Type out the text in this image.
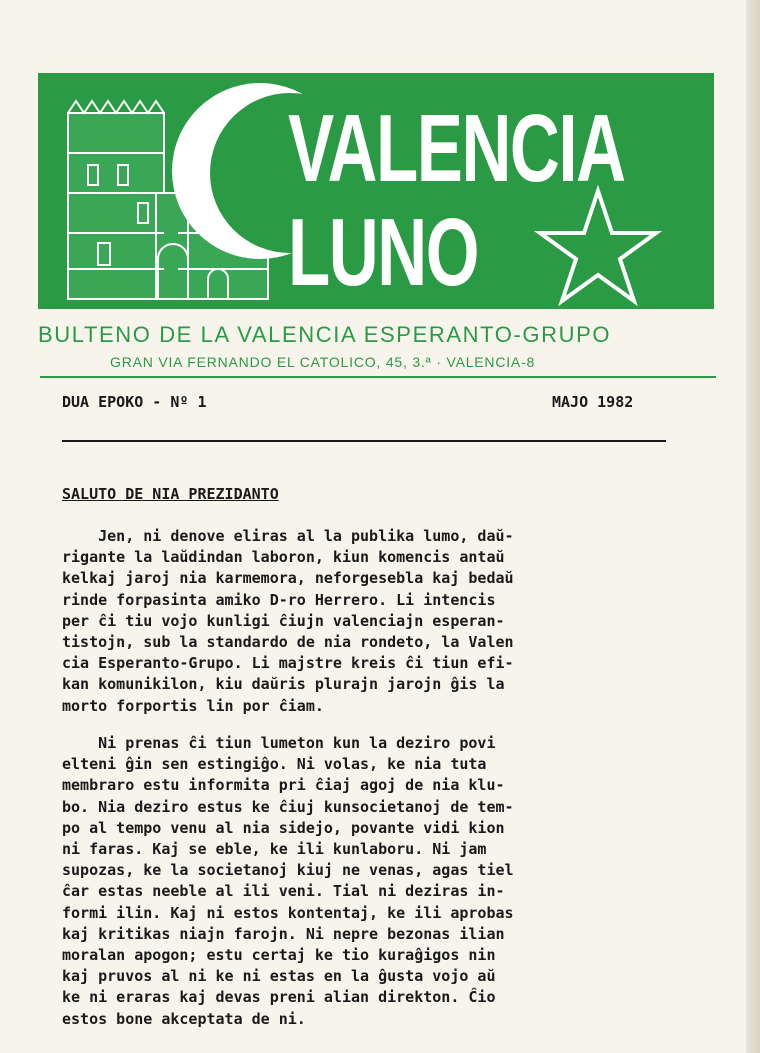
VALENCIA
LUNO
BULTENO DE LA VALENCIA ESPERANTO-GRUPO
GRAN VIA FERNANDO EL CATOLICO, 45, 3.ª · VALENCIA-8
DUA EPOKO - Nº 1	MAJO 1982
SALUTO DE NIA PREZIDANTO
Jen, ni denove eliras al la publika lumo, daŭ-
rigante la laŭdindan laboron, kiun komencis antaŭ
kelkaj jaroj nia karmemora, neforgesebla kaj bedaŭ
rinde forpasinta amiko D-ro Herrero. Li intencis
per ĉi tiu vojo kunligi ĉiujn valenciajn esperan-
tistojn, sub la standardo de nia rondeto, la Valen
cia Esperanto-Grupo. Li majstre kreis ĉi tiun efi-
kan komunikilon, kiu daŭris plurajn jarojn ĝis la
morto forportis lin por ĉiam.
Ni prenas ĉi tiun lumeton kun la deziro povi
elteni ĝin sen estingiĝo. Ni volas, ke nia tuta
membraro estu informita pri ĉiaj agoj de nia klu-
bo. Nia deziro estus ke ĉiuj kunsocietanoj de tem-
po al tempo venu al nia sidejo, povante vidi kion
ni faras. Kaj se eble, ke ili kunlaboru. Ni jam
supozas, ke la societanoj kiuj ne venas, agas tiel
ĉar estas neeble al ili veni. Tial ni deziras in-
formi ilin. Kaj ni estos kontentaj, ke ili aprobas
kaj kritikas niajn farojn. Ni nepre bezonas ilian
moralan apogon; estu certaj ke tio kuraĝigos nin
kaj pruvos al ni ke ni estas en la ĝusta vojo aŭ
ke ni eraras kaj devas preni alian direkton. Ĉio
estos bone akceptata de ni.
